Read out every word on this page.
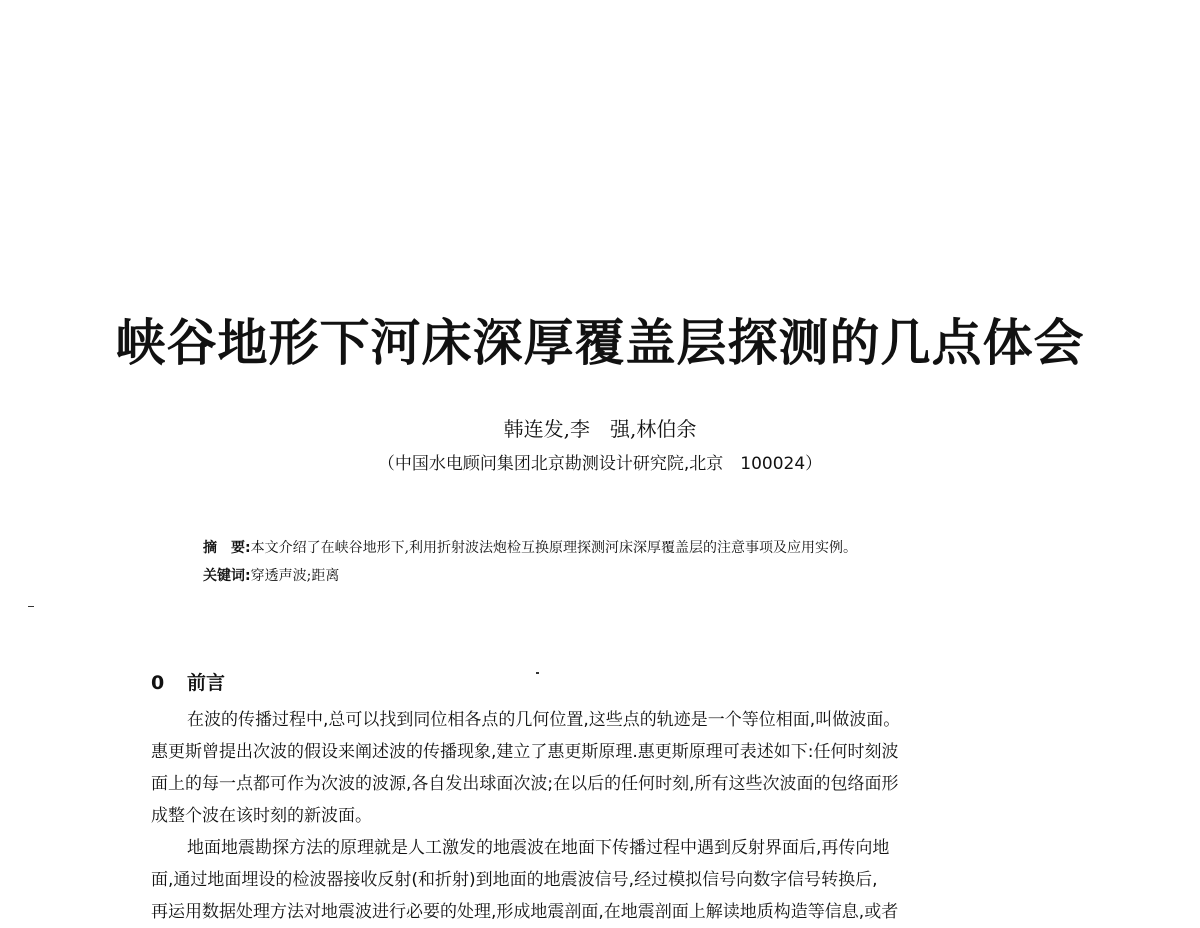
峡谷地形下河床深厚覆盖层探测的几点体会
韩连发,李　强,林伯余
（中国水电顾问集团北京勘测设计研究院,北京　100024）
摘　要:本文介绍了在峡谷地形下,利用折射波法炮检互换原理探测河床深厚覆盖层的注意事项及应用实例。
关键词:穿透声波;距离
0 前言
在波的传播过程中,总可以找到同位相各点的几何位置,这些点的轨迹是一个等位相面,叫做波面。
惠更斯曾提出次波的假设来阐述波的传播现象,建立了惠更斯原理.惠更斯原理可表述如下:任何时刻波
面上的每一点都可作为次波的波源,各自发出球面次波;在以后的任何时刻,所有这些次波面的包络面形
成整个波在该时刻的新波面。
地面地震勘探方法的原理就是人工激发的地震波在地面下传播过程中遇到反射界面后,再传向地
面,通过地面埋设的检波器接收反射(和折射)到地面的地震波信号,经过模拟信号向数字信号转换后,
再运用数据处理方法对地震波进行必要的处理,形成地震剖面,在地震剖面上解读地质构造等信息,或者
